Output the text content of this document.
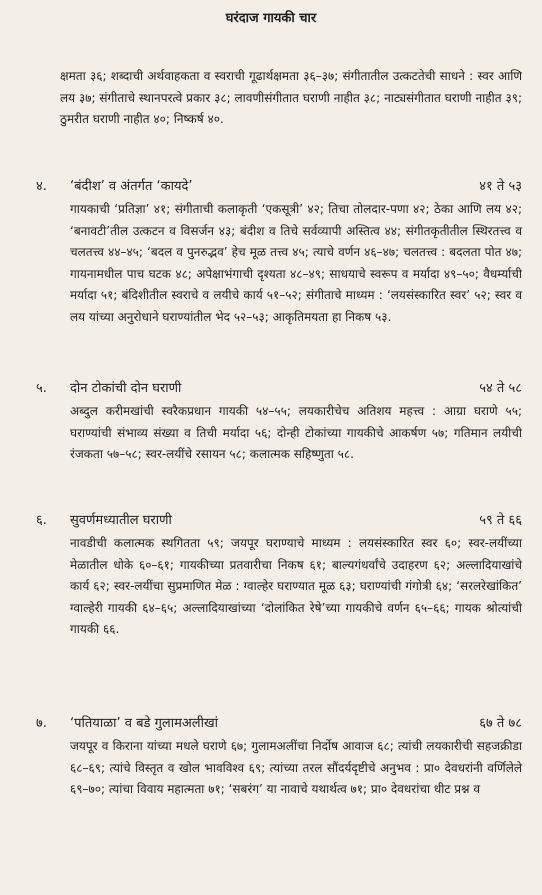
घरंदाज गायकी चार
क्षमता ३६; शब्दाची अर्थवाहकता व स्वराची गूढार्थक्षमता ३६–३७; संगीतातील उत्कटतेची साधने : स्वर आणि लय ३७; संगीताचे स्थानपरत्वे प्रकार ३८; लावणीसंगीतात घराणी नाहीत ३८; नाट्यसंगीतात घराणी नाहीत ३९; ठुमरीत घराणी नाहीत ४०; निष्कर्ष ४०.
४. ‘बंदीश’ व अंतर्गत ‘कायदे’	४१ ते ५३
गायकाची ‘प्रतिज्ञा’ ४१; संगीताची कलाकृती ‘एकसूत्री’ ४२; तिचा तोलदार-पणा ४२; ठेका आणि लय ४२; ‘बनावटी’तील उत्कटन व विसर्जन ४३; बंदीश व तिचे सर्वव्यापी अस्तित्व ४४; संगीतकृतीतील स्थिरतत्त्व व चलतत्त्व ४४–४५; ‘बदल व पुनरुद्भव’ हेच मूळ तत्त्व ४५; त्याचे वर्णन ४६–४७; चलतत्त्व : बदलता पोत ४७; गायनामधील पाच घटक ४८; अपेक्षाभंगाची दृश्यता ४८–४९; साधयाचे स्वरूप व मर्यादा ४९–५०; वैधर्म्याची मर्यादा ५१; बंदिशीतील स्वराचे व लयीचे कार्य ५१–५२; संगीताचे माध्यम : ‘लयसंस्कारित स्वर’ ५२; स्वर व लय यांच्या अनुरोधाने घराण्यांतील भेद ५२–५३; आकृतिमयता हा निकष ५३.
५. दोन टोकांची दोन घराणी	५४ ते ५८
अब्दुल करीमखांची स्वरैकप्रधान गायकी ५४–५५; लयकारीचेच अतिशय महत्त्व : आग्रा घराणे ५५; घराण्यांची संभाव्य संख्या व तिची मर्यादा ५६; दोन्ही टोकांच्या गायकीचे आकर्षण ५७; गतिमान लयीची रंजकता ५७–५८; स्वर-लयींचे रसायन ५८; कलात्मक सहिष्णुता ५८.
६. सुवर्णमध्यातील घराणी	५९ ते ६६
नावडीची कलात्मक स्थगितता ५९; जयपूर घराण्याचे माध्यम : लयसंस्कारित स्वर ६०; स्वर-लयींच्या मेळातील धोके ६०–६१; गायकीच्या प्रतवारीचा निकष ६१; बाल्यगंधर्वांचे उदाहरण ६२; अल्लादियाखांचे कार्य ६२; स्वर-लयींचा सुप्रमाणित मेळ : ग्वाल्हेर घराण्यात मूळ ६३; घराण्यांची गंगोत्री ६४; ‘सरलरेखांकित’ ग्वाल्हेरी गायकी ६४–६५; अल्लादियाखांच्या ‘दोलांकित रेषे’च्या गायकीचे वर्णन ६५–६६; गायक श्रोत्यांची गायकी ६६.
७. ‘पतियाळा’ व बडे गुलामअलीखां	६७ ते ७८
जयपूर व किराना यांच्या मधले घराणे ६७; गुलामअलींचा निर्दोष आवाज ६८; त्यांची लयकारीची सहजक्रीडा ६८–६९; त्यांचे विस्तृत व खोल भावविश्व ६९; त्यांच्या तरल सौंदर्यदृष्टीचे अनुभव : प्रा० देवधरांनी वर्णिलेले ६९–७०; त्यांचा विवाय महात्मता ७१; ‘सबरंग’ या नावाचे यथार्थत्व ७१; प्रा० देवधरांचा धीट प्रश्न व
